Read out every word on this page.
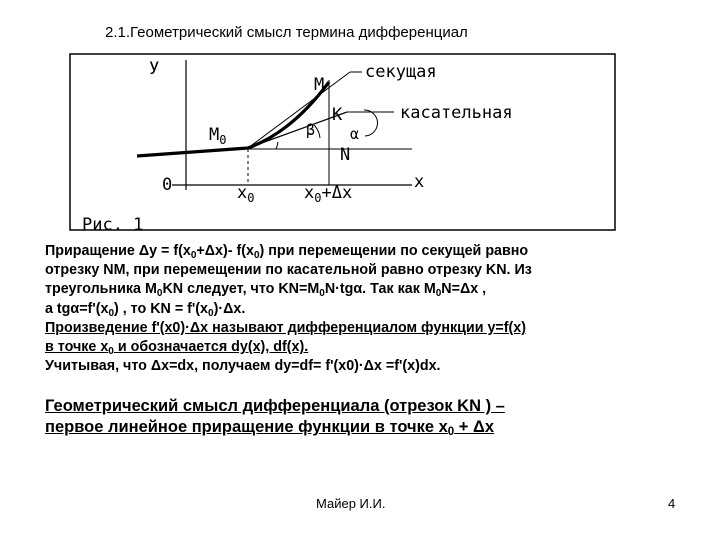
2.1.Геометрический смысл термина дифференциал
У
х
0
М
$М_0$
К
N
β α
секущая
касательная
$х_0$	$х_0+\Delta х$
Рис. 1

Приращение $\Delta у = f(x_0+\Delta x)-$ $f(x_0)$ при перемещении по секущей равно

отрезку NM, при перемещении по касательной равно отрезку KN. Из

треугольника $M_0KN$ следует, что $KN=M_0N\cdot tg\alpha$. Так как $M_0N=\Delta x$ ,

а $tg\alpha=f'(x_0)$ , то KN = $f'(x_0)\cdot\Delta x$.

Произведение f'(x0)·Δx называют дифференциалом функции y=f(x)

в точке $x_0$ и обозначается dy(x), df(x).

Учитывая, что Δx=dx, получаем dy=df= f'(x0)·Δx =f'(x)dx.

Геометрический смысл дифференциала (отрезок KN ) –

первое линейное приращение функции в точке $x_0 + \Delta x$

Майер И.И.	4
